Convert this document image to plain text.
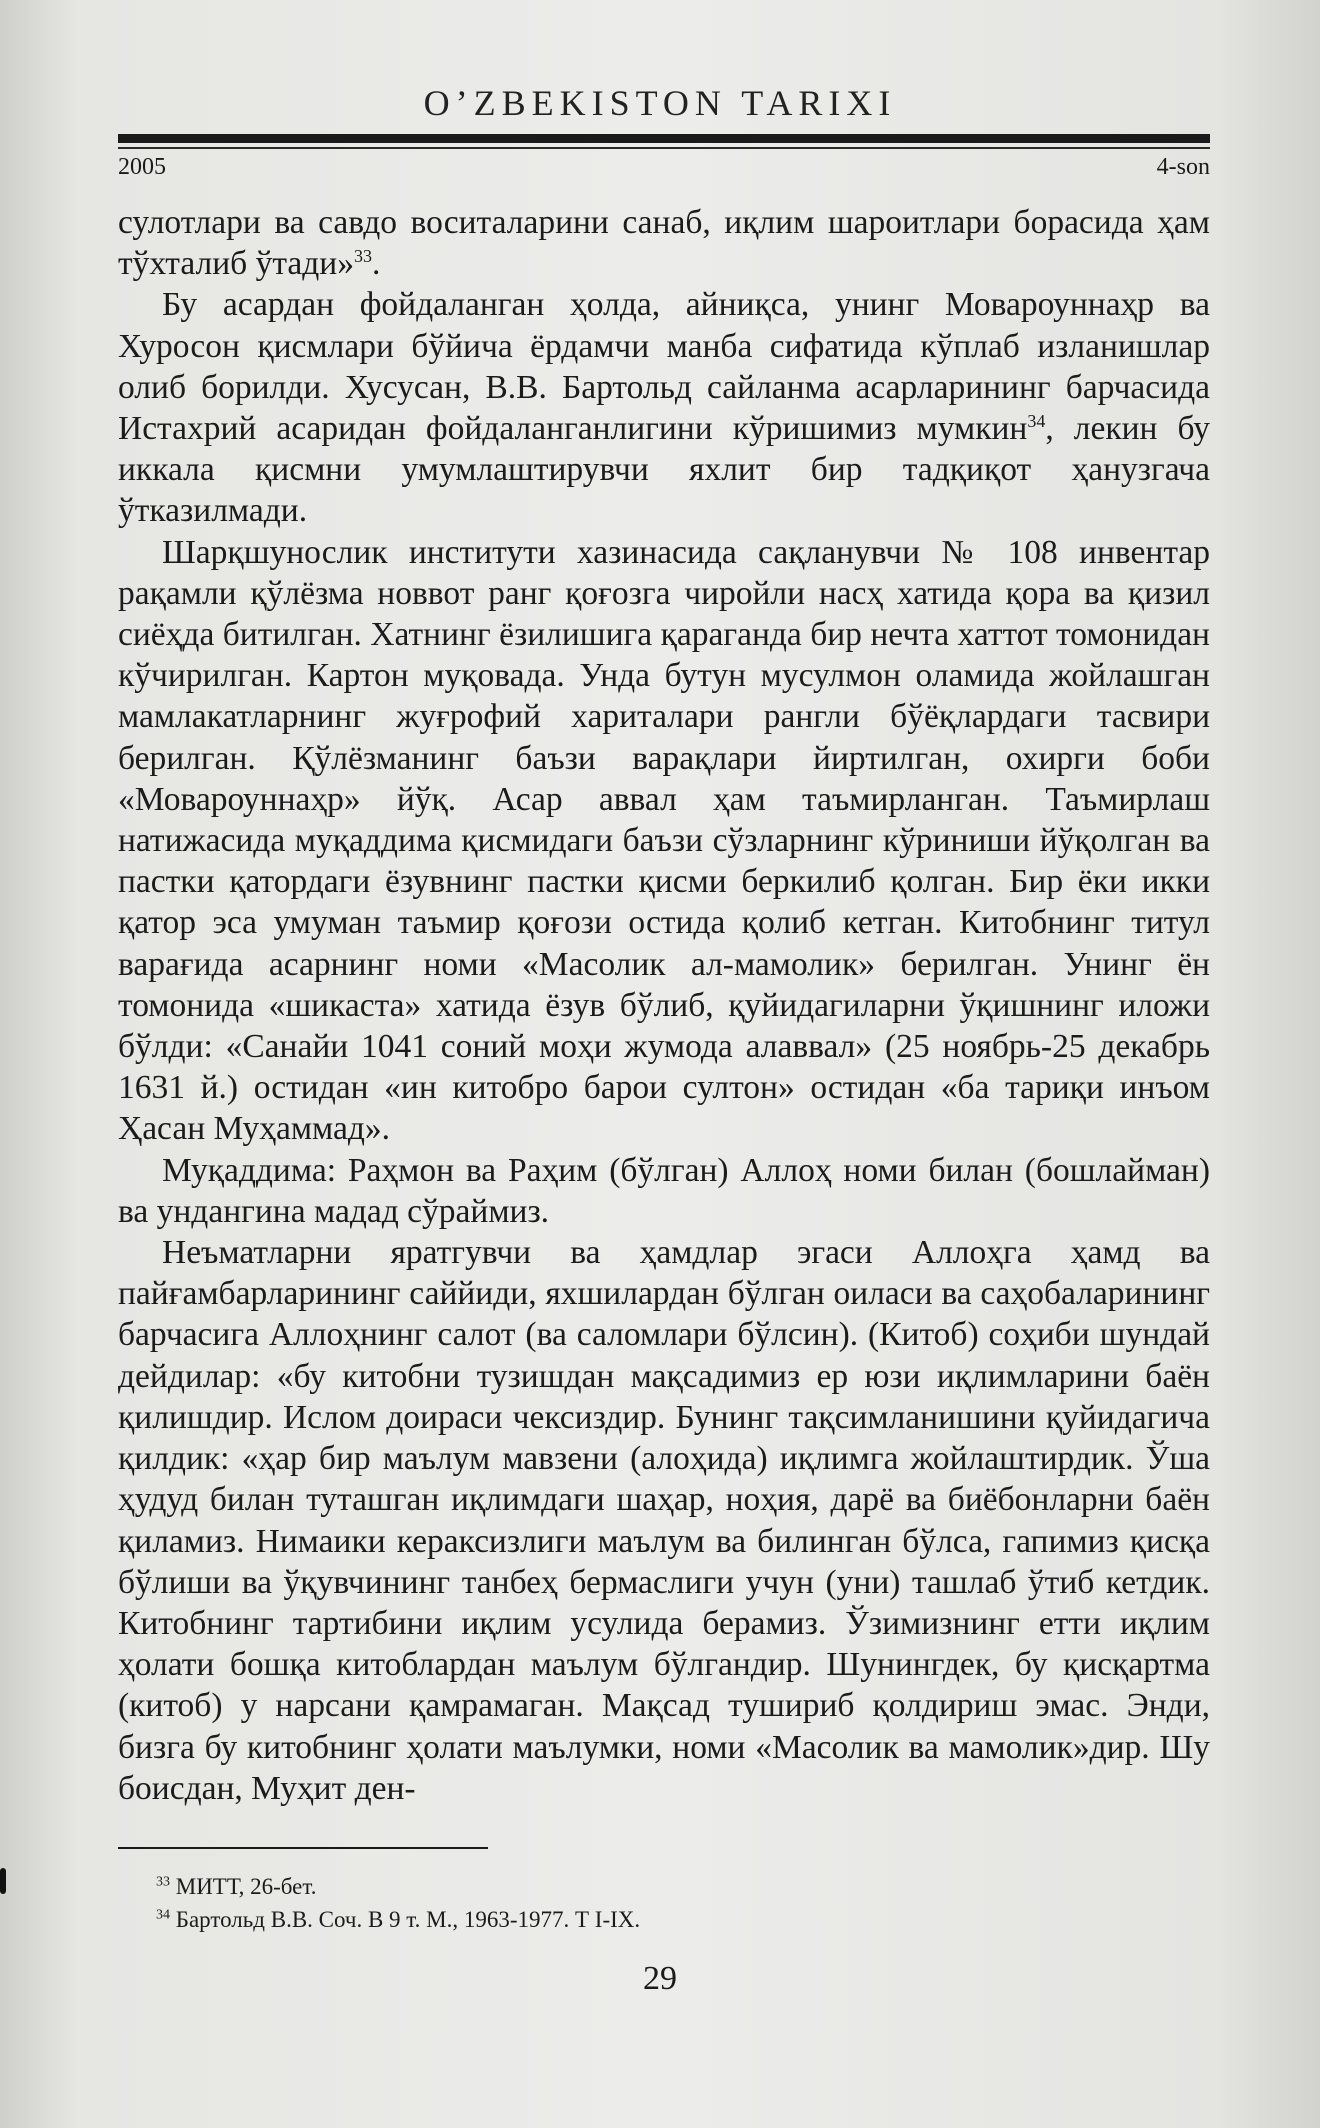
O’ZBEKISTON TARIXI
2005	4-son

сулотлари ва савдо воситаларини санаб, иқлим шароитлари борасида ҳам тўхталиб ўтади»$^{33}$.

Бу асардан фойдаланган ҳолда, айниқса, унинг Мовароуннаҳр ва Хуросон қисмлари бўйича ёрдамчи манба сифатида кўплаб изланишлар олиб борилди. Хусусан, В.В. Бартольд сайланма асарларининг барчасида Истахрий асаридан фойдаланганлигини кўришимиз мумкин$^{34}$, лекин бу иккала қисмни умумлаштирувчи яхлит бир тадқиқот ҳанузгача ўтказилмади.

Шарқшунослик институти хазинасида сақланувчи № 108 инвентар рақамли қўлёзма новвот ранг қоғозга чиройли насҳ хатида қора ва қизил сиёҳда битилган. Хатнинг ёзилишига қараганда бир нечта хаттот томонидан кўчирилган. Картон муқовада. Унда бутун мусулмон оламида жойлашган мамлакатларнинг жуғрофий хариталари рангли бўёқлардаги тасвири берилган. Қўлёзманинг баъзи варақлари йиртилган, охирги боби «Мовароуннаҳр» йўқ. Асар аввал ҳам таъмирланган. Таъмирлаш натижасида муқаддима қисмидаги баъзи сўзларнинг кўриниши йўқолган ва пастки қатордаги ёзувнинг пастки қисми беркилиб қолган. Бир ёки икки қатор эса умуман таъмир қоғози остида қолиб кетган. Китобнинг титул варағида асарнинг номи «Масолик ал-мамолик» берилган. Унинг ён томонида «шикаста» хатида ёзув бўлиб, қуйидагиларни ўқишнинг иложи бўлди: «Санайи 1041 соний моҳи жумода алаввал» (25 ноябрь-25 декабрь 1631 й.) остидан «ин китобро барои султон» остидан «ба тариқи инъом Ҳасан Муҳаммад».

Муқаддима: Раҳмон ва Раҳим (бўлган) Аллоҳ номи билан (бошлайман) ва ундангина мадад сўраймиз.

Неъматларни яратгувчи ва ҳамдлар эгаси Аллоҳга ҳамд ва пайғамбарларининг саййиди, яхшилардан бўлган оиласи ва саҳобаларининг барчасига Аллоҳнинг салот (ва саломлари бўлсин). (Китоб) соҳиби шундай дейдилар: «бу китобни тузишдан мақсадимиз ер юзи иқлимларини баён қилишдир. Ислом доираси чексиздир. Бунинг тақсимланишини қуйидагича қилдик: «ҳар бир маълум мавзени (алоҳида) иқлимга жойлаштирдик. Ўша ҳудуд билан туташган иқлимдаги шаҳар, ноҳия, дарё ва биёбонларни баён қиламиз. Нимаики кераксизлиги маълум ва билинган бўлса, гапимиз қисқа бўлиши ва ўқувчининг танбеҳ бермаслиги учун (уни) ташлаб ўтиб кетдик. Китобнинг тартибини иқлим усулида берамиз. Ўзимизнинг етти иқлим ҳолати бошқа китоблардан маълум бўлгандир. Шунингдек, бу қисқартма (китоб) у нарсани қамрамаган. Мақсад тушириб қолдириш эмас. Энди, бизга бу китобнинг ҳолати маълумки, номи «Масолик ва мамолик»дир. Шу боисдан, Муҳит ден-

$^{33}$ МИТТ, 26-бет.
$^{34}$ Бартольд В.В. Соч. В 9 т. М., 1963-1977. Т I-IX.
29
